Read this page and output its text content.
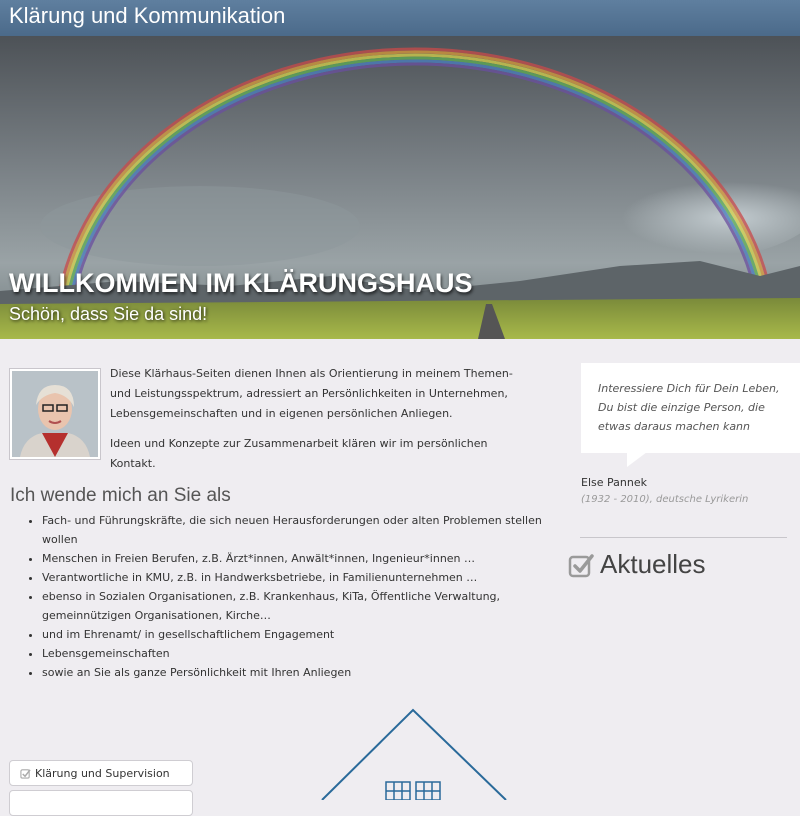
Klärung und Kommunikation
WILLKOMMEN IM KLÄRUNGSHAUS
Schön, dass Sie da sind!

Diese Klärhaus-Seiten dienen Ihnen als Orientierung in meinem Themen- und Leistungsspektrum, adressiert an Persönlichkeiten in Unternehmen, Lebensgemeinschaften und in eigenen persönlichen Anliegen.

Ideen und Konzepte zur Zusammenarbeit klären wir im persönlichen Kontakt.

Ich wende mich an Sie als
• Fach- und Führungskräfte, die sich neuen Herausforderungen oder alten Problemen stellen wollen
• Menschen in Freien Berufen, z.B. Ärzt*innen, Anwält*innen, Ingenieur*innen …
• Verantwortliche in KMU, z.B. in Handwerksbetriebe, in Familienunternehmen …
• ebenso in Sozialen Organisationen, z.B. Krankenhaus, KiTa, Öffentliche Verwaltung, gemeinnützigen Organisationen, Kirche…
• und im Ehrenamt/ in gesellschaftlichem Engagement
• Lebensgemeinschaften
• sowie an Sie als ganze Persönlichkeit mit Ihren Anliegen
Interessiere Dich für Dein Leben, Du bist die einzige Person, die etwas daraus machen kann
Else Pannek
(1932 - 2010), deutsche Lyrikerin
Aktuelles
Klärung und Supervision
